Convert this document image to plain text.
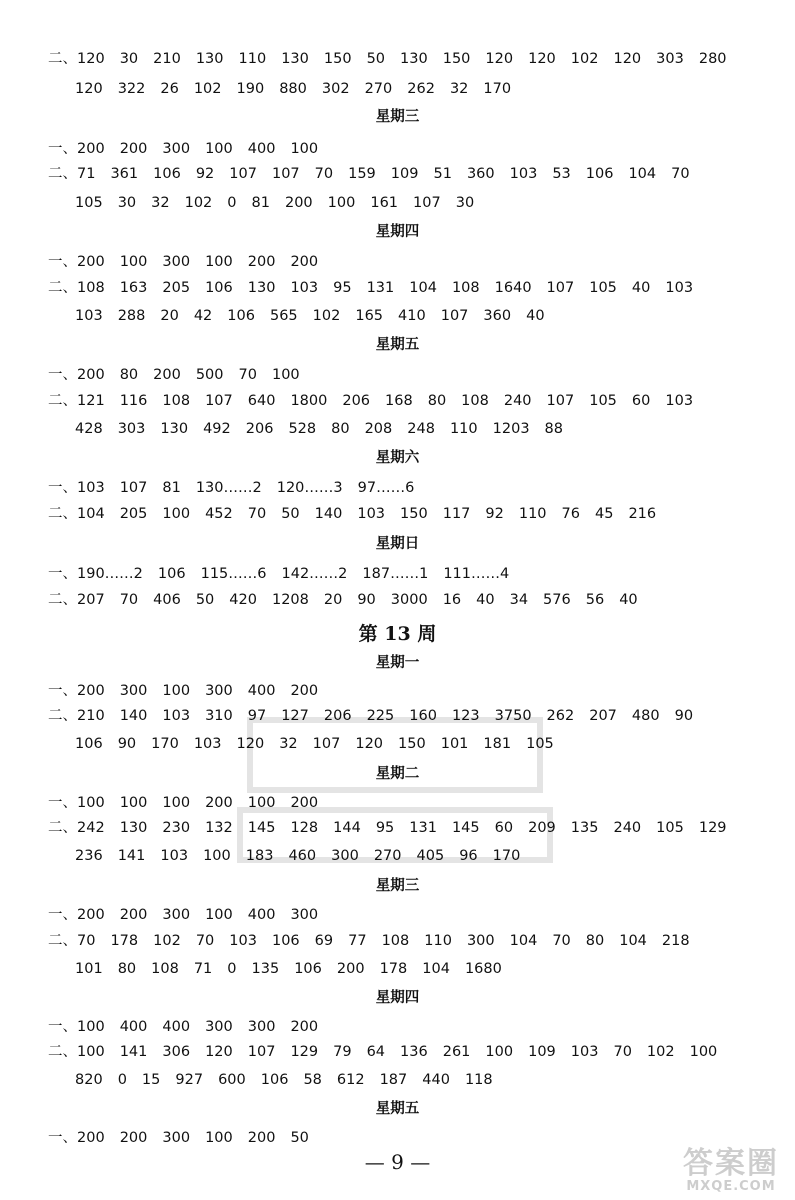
二、120 30 210 130 110 130 150 50 130 150 120 120 102 120 303 280
120 322 26 102 190 880 302 270 262 32 170
星期三
一、200 200 300 100 400 100
二、71 361 106 92 107 107 70 159 109 51 360 103 53 106 104 70
105 30 32 102 0 81 200 100 161 107 30
星期四
一、200 100 300 100 200 200
二、108 163 205 106 130 103 95 131 104 108 1640 107 105 40 103
103 288 20 42 106 565 102 165 410 107 360 40
星期五
一、200 80 200 500 70 100
二、121 116 108 107 640 1800 206 168 80 108 240 107 105 60 103
428 303 130 492 206 528 80 208 248 110 1203 88
星期六
一、103 107 81 130……2 120……3 97……6
二、104 205 100 452 70 50 140 103 150 117 92 110 76 45 216
星期日
一、190……2 106 115……6 142……2 187……1 111……4
二、207 70 406 50 420 1208 20 90 3000 16 40 34 576 56 40
第 13 周
星期一
一、200 300 100 300 400 200
二、210 140 103 310 97 127 206 225 160 123 3750 262 207 480 90
106 90 170 103 120 32 107 120 150 101 181 105
星期二
一、100 100 100 200 100 200
二、242 130 230 132 145 128 144 95 131 145 60 209 135 240 105 129
236 141 103 100 183 460 300 270 405 96 170
星期三
一、200 200 300 100 400 300
二、70 178 102 70 103 106 69 77 108 110 300 104 70 80 104 218
101 80 108 71 0 135 106 200 178 104 1680
星期四
一、100 400 400 300 300 200
二、100 141 306 120 107 129 79 64 136 261 100 109 103 70 102 100
820 0 15 927 600 106 58 612 187 440 118
星期五
一、200 200 300 100 200 50
— 9 —	答案圈
MXQE.COM
